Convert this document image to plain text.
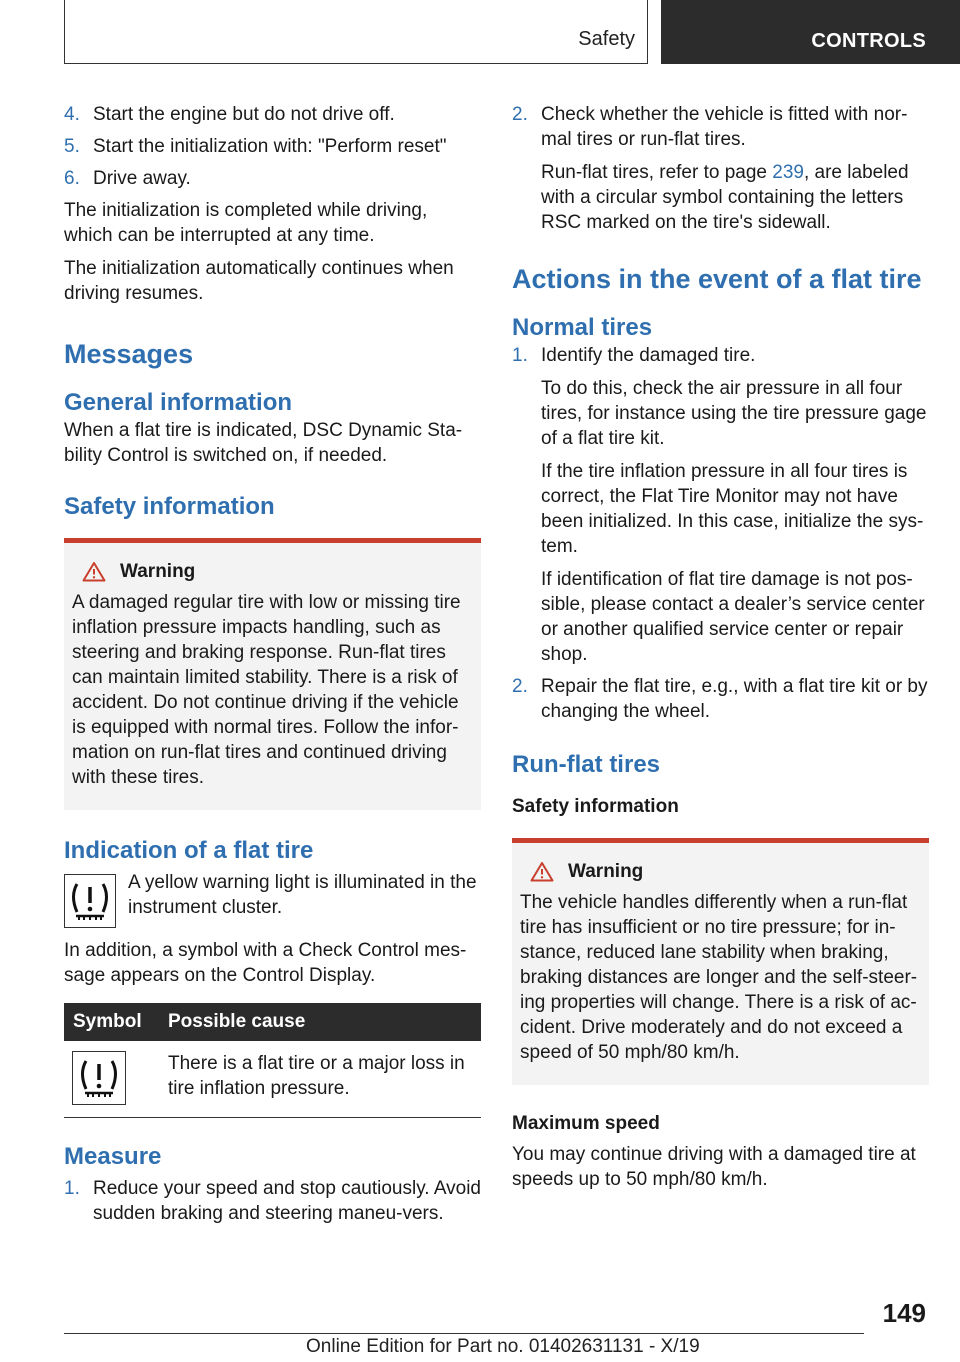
Safety	CONTROLS
4. Start the engine but do not drive off.
5. Start the initialization with: "Perform reset"
6. Drive away.

The initialization is completed while driving, which can be interrupted at any time.

The initialization automatically continues when driving resumes.

Messages
General information

When a flat tire is indicated, DSC Dynamic Sta‐bility Control is switched on, if needed.

Safety information
Warning

A damaged regular tire with low or missing tire inflation pressure impacts handling, such as steering and braking response. Run-flat tires can maintain limited stability. There is a risk of accident. Do not continue driving if the vehicle is equipped with normal tires. Follow the infor‐mation on run-flat tires and continued driving with these tires.

Indication of a flat tire

A yellow warning light is illuminated in the instrument cluster.

In addition, a symbol with a Check Control mes‐sage appears on the Control Display.

Symbol	Possible cause

	There is a flat tire or a major loss in tire inflation pressure.
Measure
1. Reduce your speed and stop cautiously. Avoid sudden braking and steering maneu‐vers.
2. Check whether the vehicle is fitted with nor‐mal tires or run-flat tires.

Run-flat tires, refer to page 239, are labeled with a circular symbol containing the letters RSC marked on the tire's sidewall.

Actions in the event of a flat tire
Normal tires
1. Identify the damaged tire.

To do this, check the air pressure in all four tires, for instance using the tire pressure gage of a flat tire kit.

If the tire inflation pressure in all four tires is correct, the Flat Tire Monitor may not have been initialized. In this case, initialize the sys‐tem.

If identification of flat tire damage is not pos‐sible, please contact a dealer’s service center or another qualified service center or repair shop.

2. Repair the flat tire, e.g., with a flat tire kit or by changing the wheel.
Run-flat tires
Safety information
Warning

The vehicle handles differently when a run-flat tire has insufficient or no tire pressure; for in‐stance, reduced lane stability when braking, braking distances are longer and the self-steer‐ing properties will change. There is a risk of ac‐cident. Drive moderately and do not exceed a speed of 50 mph/80 km/h.

Maximum speed

You may continue driving with a damaged tire at speeds up to 50 mph/80 km/h.

149
Online Edition for Part no. 01402631131 - X/19
